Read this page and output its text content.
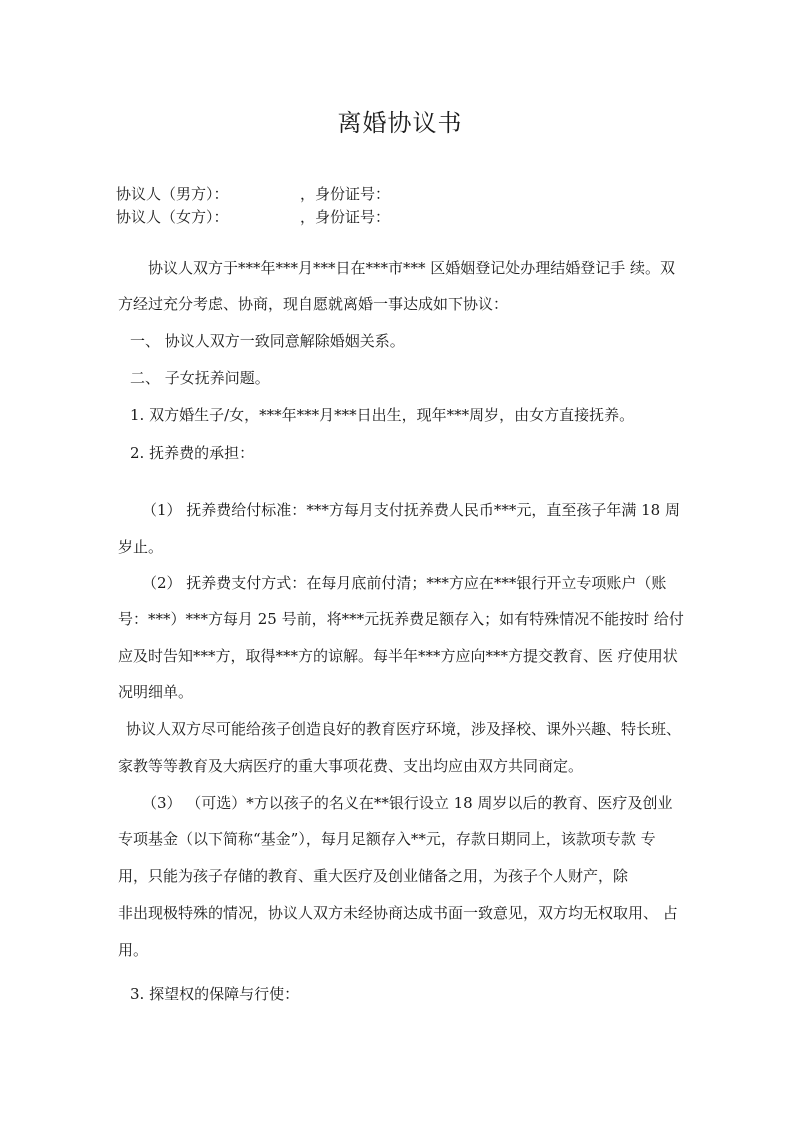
离婚协议书
协议人（男方）：	，身份证号：
协议人（女方）：	，身份证号：
协议人双方于***年***月***日在***市*** 区婚姻登记处办理结婚登记手 续。双
方经过充分考虑、协商，现自愿就离婚一事达成如下协议：
一、 协议人双方一致同意解除婚姻关系。
二、 子女抚养问题。
1. 双方婚生子/女，***年***月***日出生，现年***周岁，由女方直接抚养。
2. 抚养费的承担：
（1） 抚养费给付标准：***方每月支付抚养费人民币***元，直至孩子年满 18 周
岁止。
（2） 抚养费支付方式：在每月底前付清；***方应在***银行开立专项账户（账
号：***）***方每月 25 号前，将***元抚养费足额存入；如有特殊情况不能按时 给付
应及时告知***方，取得***方的谅解。每半年***方应向***方提交教育、医 疗使用状
况明细单。
协议人双方尽可能给孩子创造良好的教育医疗环境，涉及择校、课外兴趣、特长班、
家教等等教育及大病医疗的重大事项花费、支出均应由双方共同商定。
（3） （可选）*方以孩子的名义在**银行设立 18 周岁以后的教育、医疗及创业
专项基金（以下简称“基金”），每月足额存入**元，存款日期同上，该款项专款 专
用，只能为孩子存储的教育、重大医疗及创业储备之用，为孩子个人财产，除
非出现极特殊的情况，协议人双方未经协商达成书面一致意见，双方均无权取用、 占
用。
3. 探望权的保障与行使：
